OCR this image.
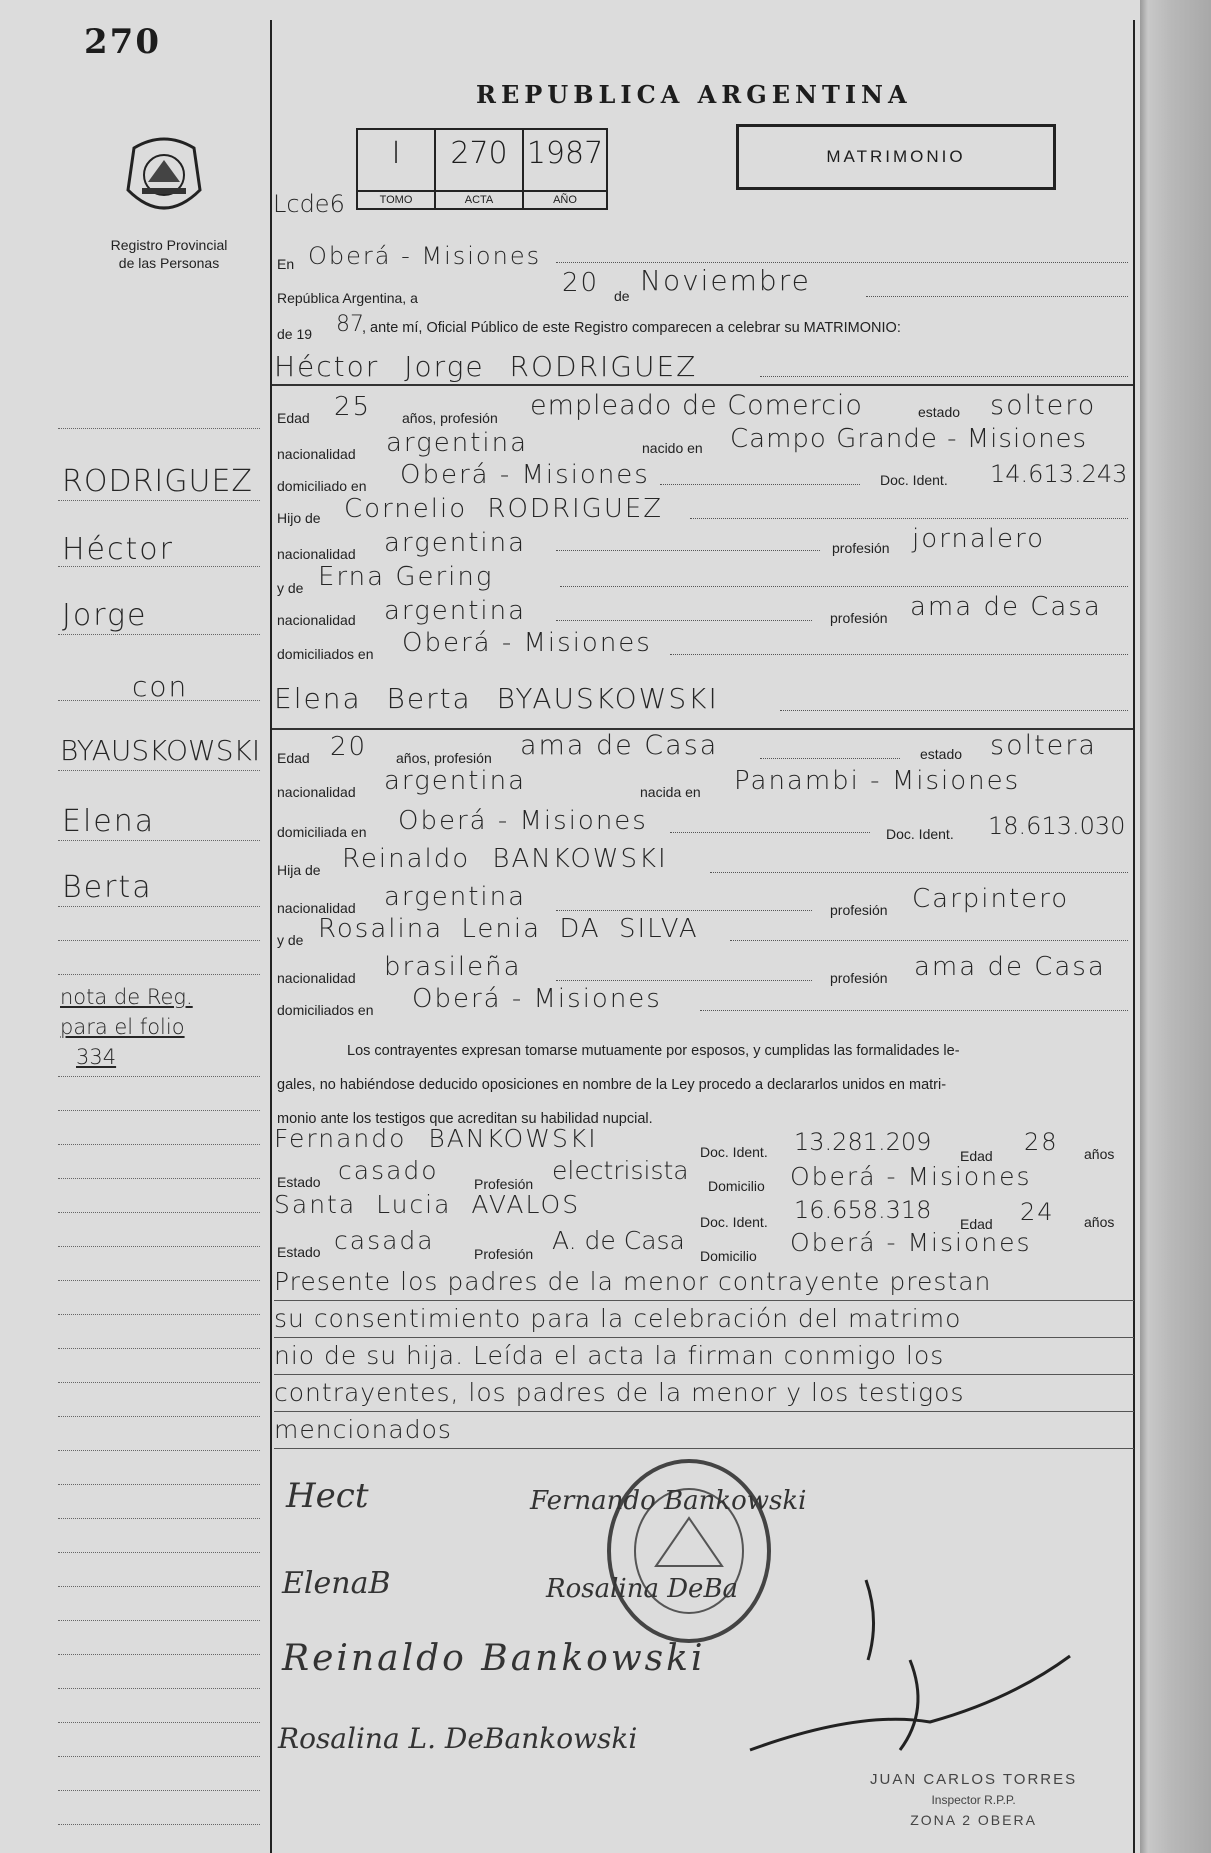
270
Registro Provincial
de las Personas
REPUBLICA ARGENTINA
I
TOMO
270
ACTA
1987
AÑO
Lcde6
MATRIMONIO
En Oberá - Misiones
República Argentina, a	20 de Noviembre
de 19 87
, ante mí, Oficial Público de este Registro comparecen a celebrar su MATRIMONIO:
Héctor Jorge RODRIGUEZ
Edad 25 años, profesión empleado de Comercio	estado soltero
nacionalidad argentina	nacido en Campo Grande - Misiones
domiciliado en Oberá - Misiones	Doc. Ident. 14.613.243
Hijo de Cornelio RODRIGUEZ
nacionalidad argentina	profesión jornalero
y de Erna Gering
nacionalidad argentina	profesión ama de Casa
domiciliados en Oberá - Misiones
Elena Berta BYAUSKOWSKI
Edad 20 años, profesión ama de Casa	estado soltera
nacionalidad argentina	nacida en Panambi - Misiones
domiciliada en Oberá - Misiones	Doc. Ident. 18.613.030
Hija de Reinaldo BANKOWSKI
nacionalidad argentina	profesión Carpintero
y de Rosalina Lenia DA SILVA
nacionalidad brasileña	profesión ama de Casa
domiciliados en Oberá - Misiones
Los contrayentes expresan tomarse mutuamente por esposos, y cumplidas las formalidades le-
gales, no habiéndose deducido oposiciones en nombre de la Ley procedo a declararlos unidos en matri-
monio ante los testigos que acreditan su habilidad nupcial.
Fernando BANKOWSKI	Doc. Ident. 13.281.209 Edad 28 años
Estado casado	Profesión electrisista
Domicilio Oberá - Misiones
Santa Lucia AVALOS
Doc. Ident. 16.658.318 Edad 24 años
Estado casada	Profesión A. de Casa
Domicilio Oberá - Misiones
Presente los padres de la menor contrayente prestan
su consentimiento para la celebración del matrimo
nio de su hija. Leída el acta la firman conmigo los
contrayentes, los padres de la menor y los testigos
mencionados
RODRIGUEZ
Héctor
Jorge
con
BYAUSKOWSKI
Elena
Berta
nota de Reg.
para el folio
334
Hect	Fernando Bankowski
ElenaB	Rosalina DeBa
Reinaldo Bankowski
Rosalina L. DeBankowski
JUAN CARLOS TORRES
Inspector R.P.P.
ZONA 2 OBERA
